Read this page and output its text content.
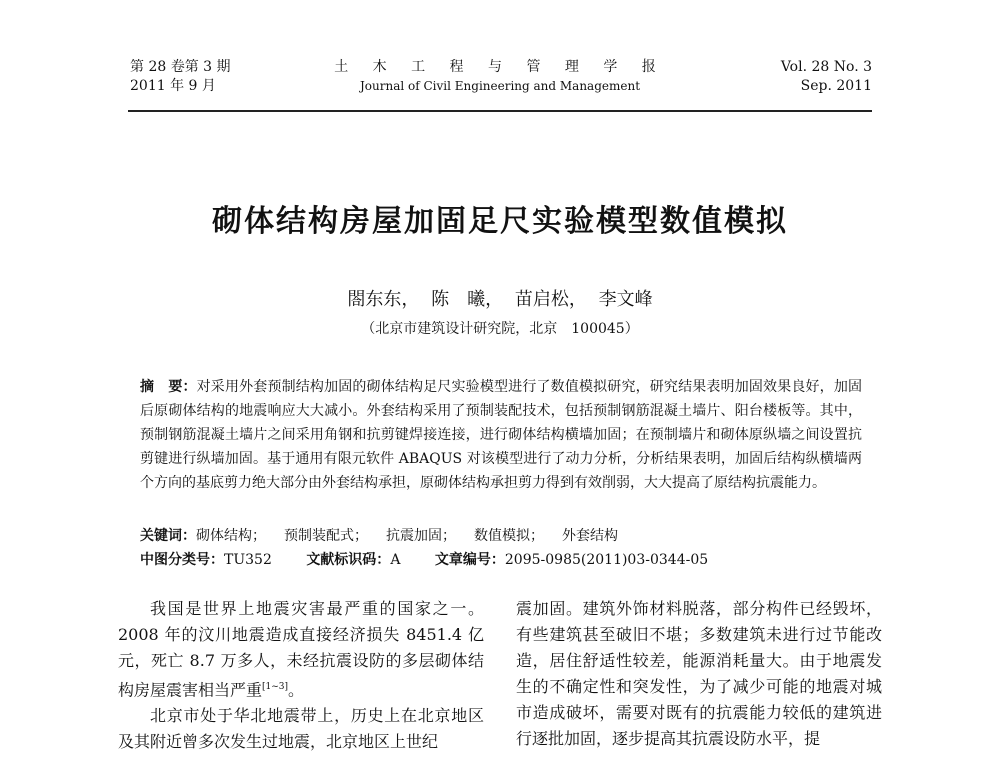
第 28 卷第 3 期
2011 年 9 月
土 木 工 程 与 管 理 学 报
Journal of Civil Engineering and Management
Vol. 28 No. 3
Sep. 2011
砌体结构房屋加固足尺实验模型数值模拟
閤东东， 陈　曦， 苗启松， 李文峰
（北京市建筑设计研究院，北京　100045）
摘　要：对采用外套预制结构加固的砌体结构足尺实验模型进行了数值模拟研究，研究结果表明加固效果良好，加固后原砌体结构的地震响应大大减小。外套结构采用了预制装配技术，包括预制钢筋混凝土墙片、阳台楼板等。其中，预制钢筋混凝土墙片之间采用角钢和抗剪键焊接连接，进行砌体结构横墙加固；在预制墙片和砌体原纵墙之间设置抗剪键进行纵墙加固。基于通用有限元软件 ABAQUS 对该模型进行了动力分析，分析结果表明，加固后结构纵横墙两个方向的基底剪力绝大部分由外套结构承担，原砌体结构承担剪力得到有效削弱，大大提高了原结构抗震能力。
关键词：砌体结构； 预制装配式； 抗震加固； 数值模拟； 外套结构
中图分类号：TU352 文献标识码：A 文章编号：2095-0985(2011)03-0344-05

我国是世界上地震灾害最严重的国家之一。2008 年的汶川地震造成直接经济损失 8451.4 亿元，死亡 8.7 万多人，未经抗震设防的多层砌体结构房屋震害相当严重[1~3]。

北京市处于华北地震带上，历史上在北京地区及其附近曾多次发生过地震，北京地区上世纪

震加固。建筑外饰材料脱落，部分构件已经毁坏，有些建筑甚至破旧不堪；多数建筑未进行过节能改造，居住舒适性较差，能源消耗量大。由于地震发生的不确定性和突发性，为了减少可能的地震对城市造成破坏，需要对既有的抗震能力较低的建筑进行逐批加固，逐步提高其抗震设防水平，提
